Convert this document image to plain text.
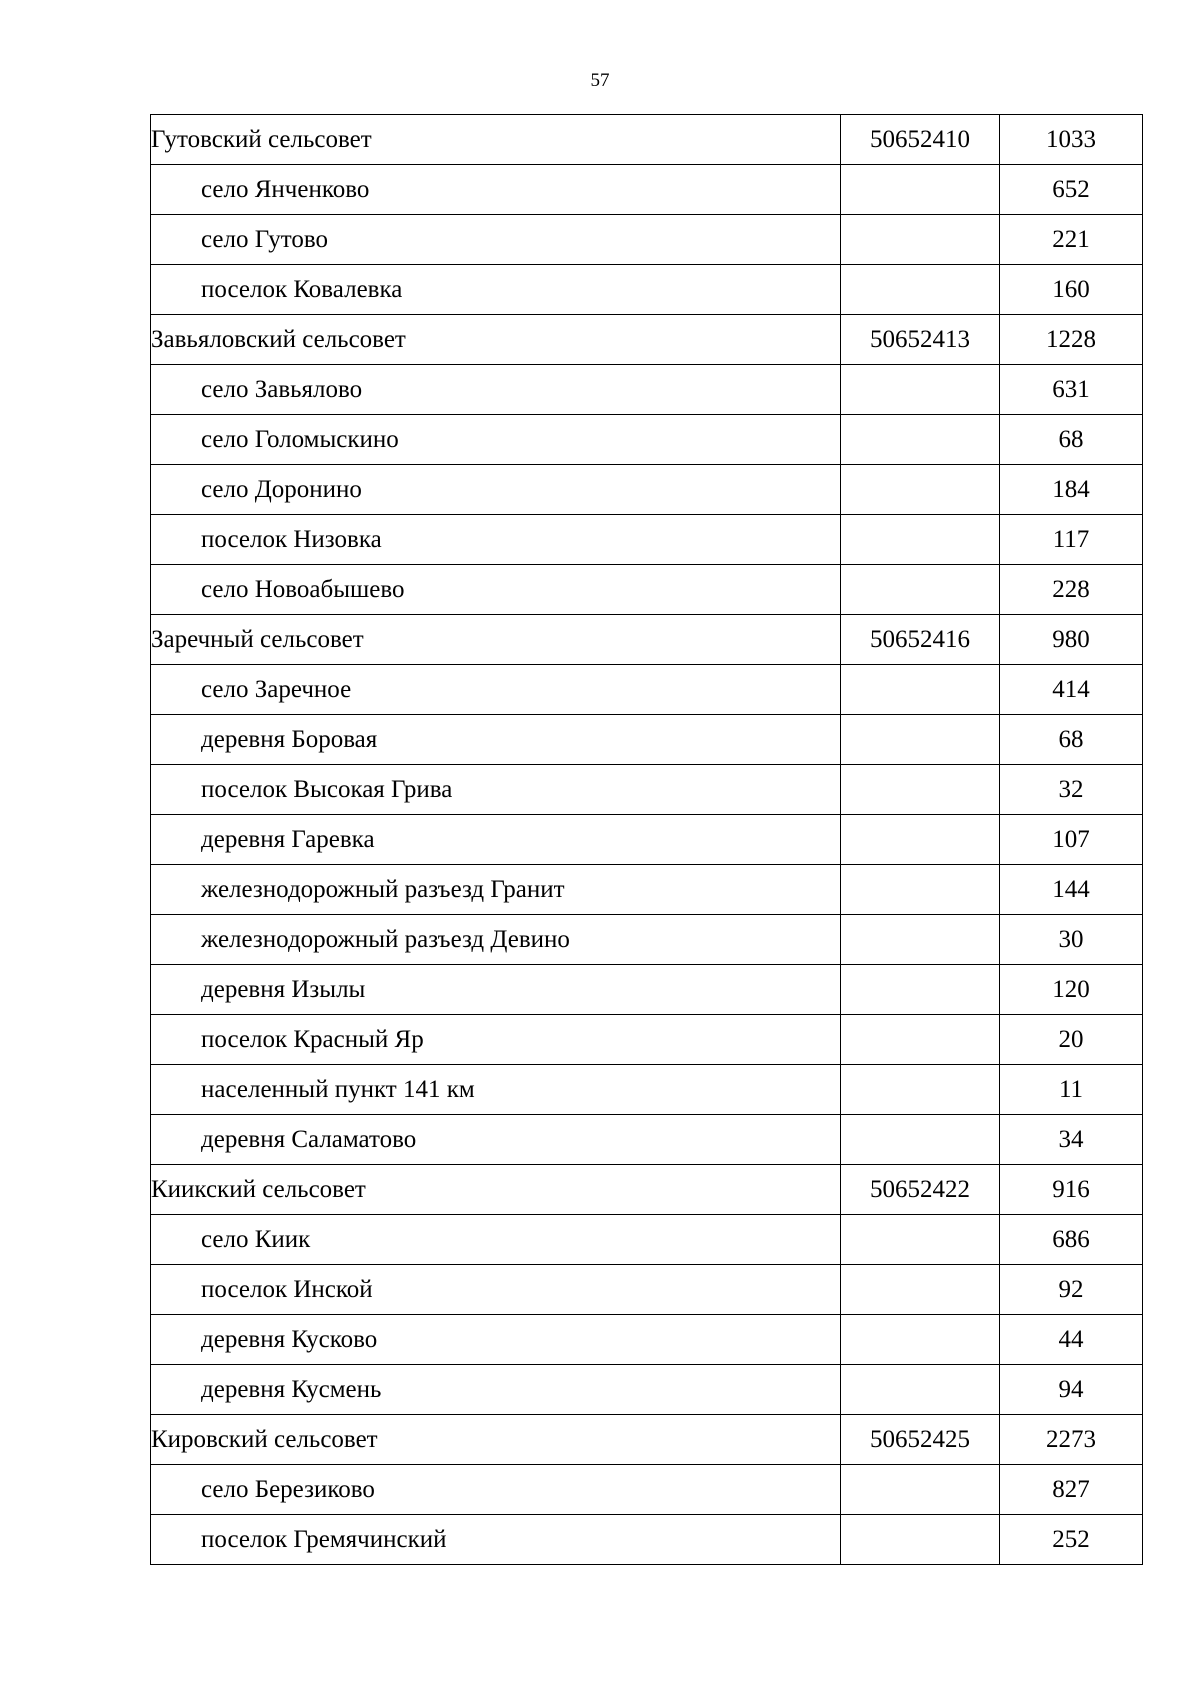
57
Гутовский сельсовет	50652410	1033
село Янченково		652
село Гутово		221
поселок Ковалевка		160
Завьяловский сельсовет	50652413	1228
село Завьялово		631
село Голомыскино		68
село Доронино		184
поселок Низовка		117
село Новоабышево		228
Заречный сельсовет	50652416	980
село Заречное		414
деревня Боровая		68
поселок Высокая Грива		32
деревня Гаревка		107
железнодорожный разъезд Гранит		144
железнодорожный разъезд Девино		30
деревня Изылы		120
поселок Красный Яр		20
населенный пункт 141 км		11
деревня Саламатово		34
Киикский сельсовет	50652422	916
село Киик		686
поселок Инской		92
деревня Кусково		44
деревня Кусмень		94
Кировский сельсовет	50652425	2273
село Березиково		827
поселок Гремячинский		252
